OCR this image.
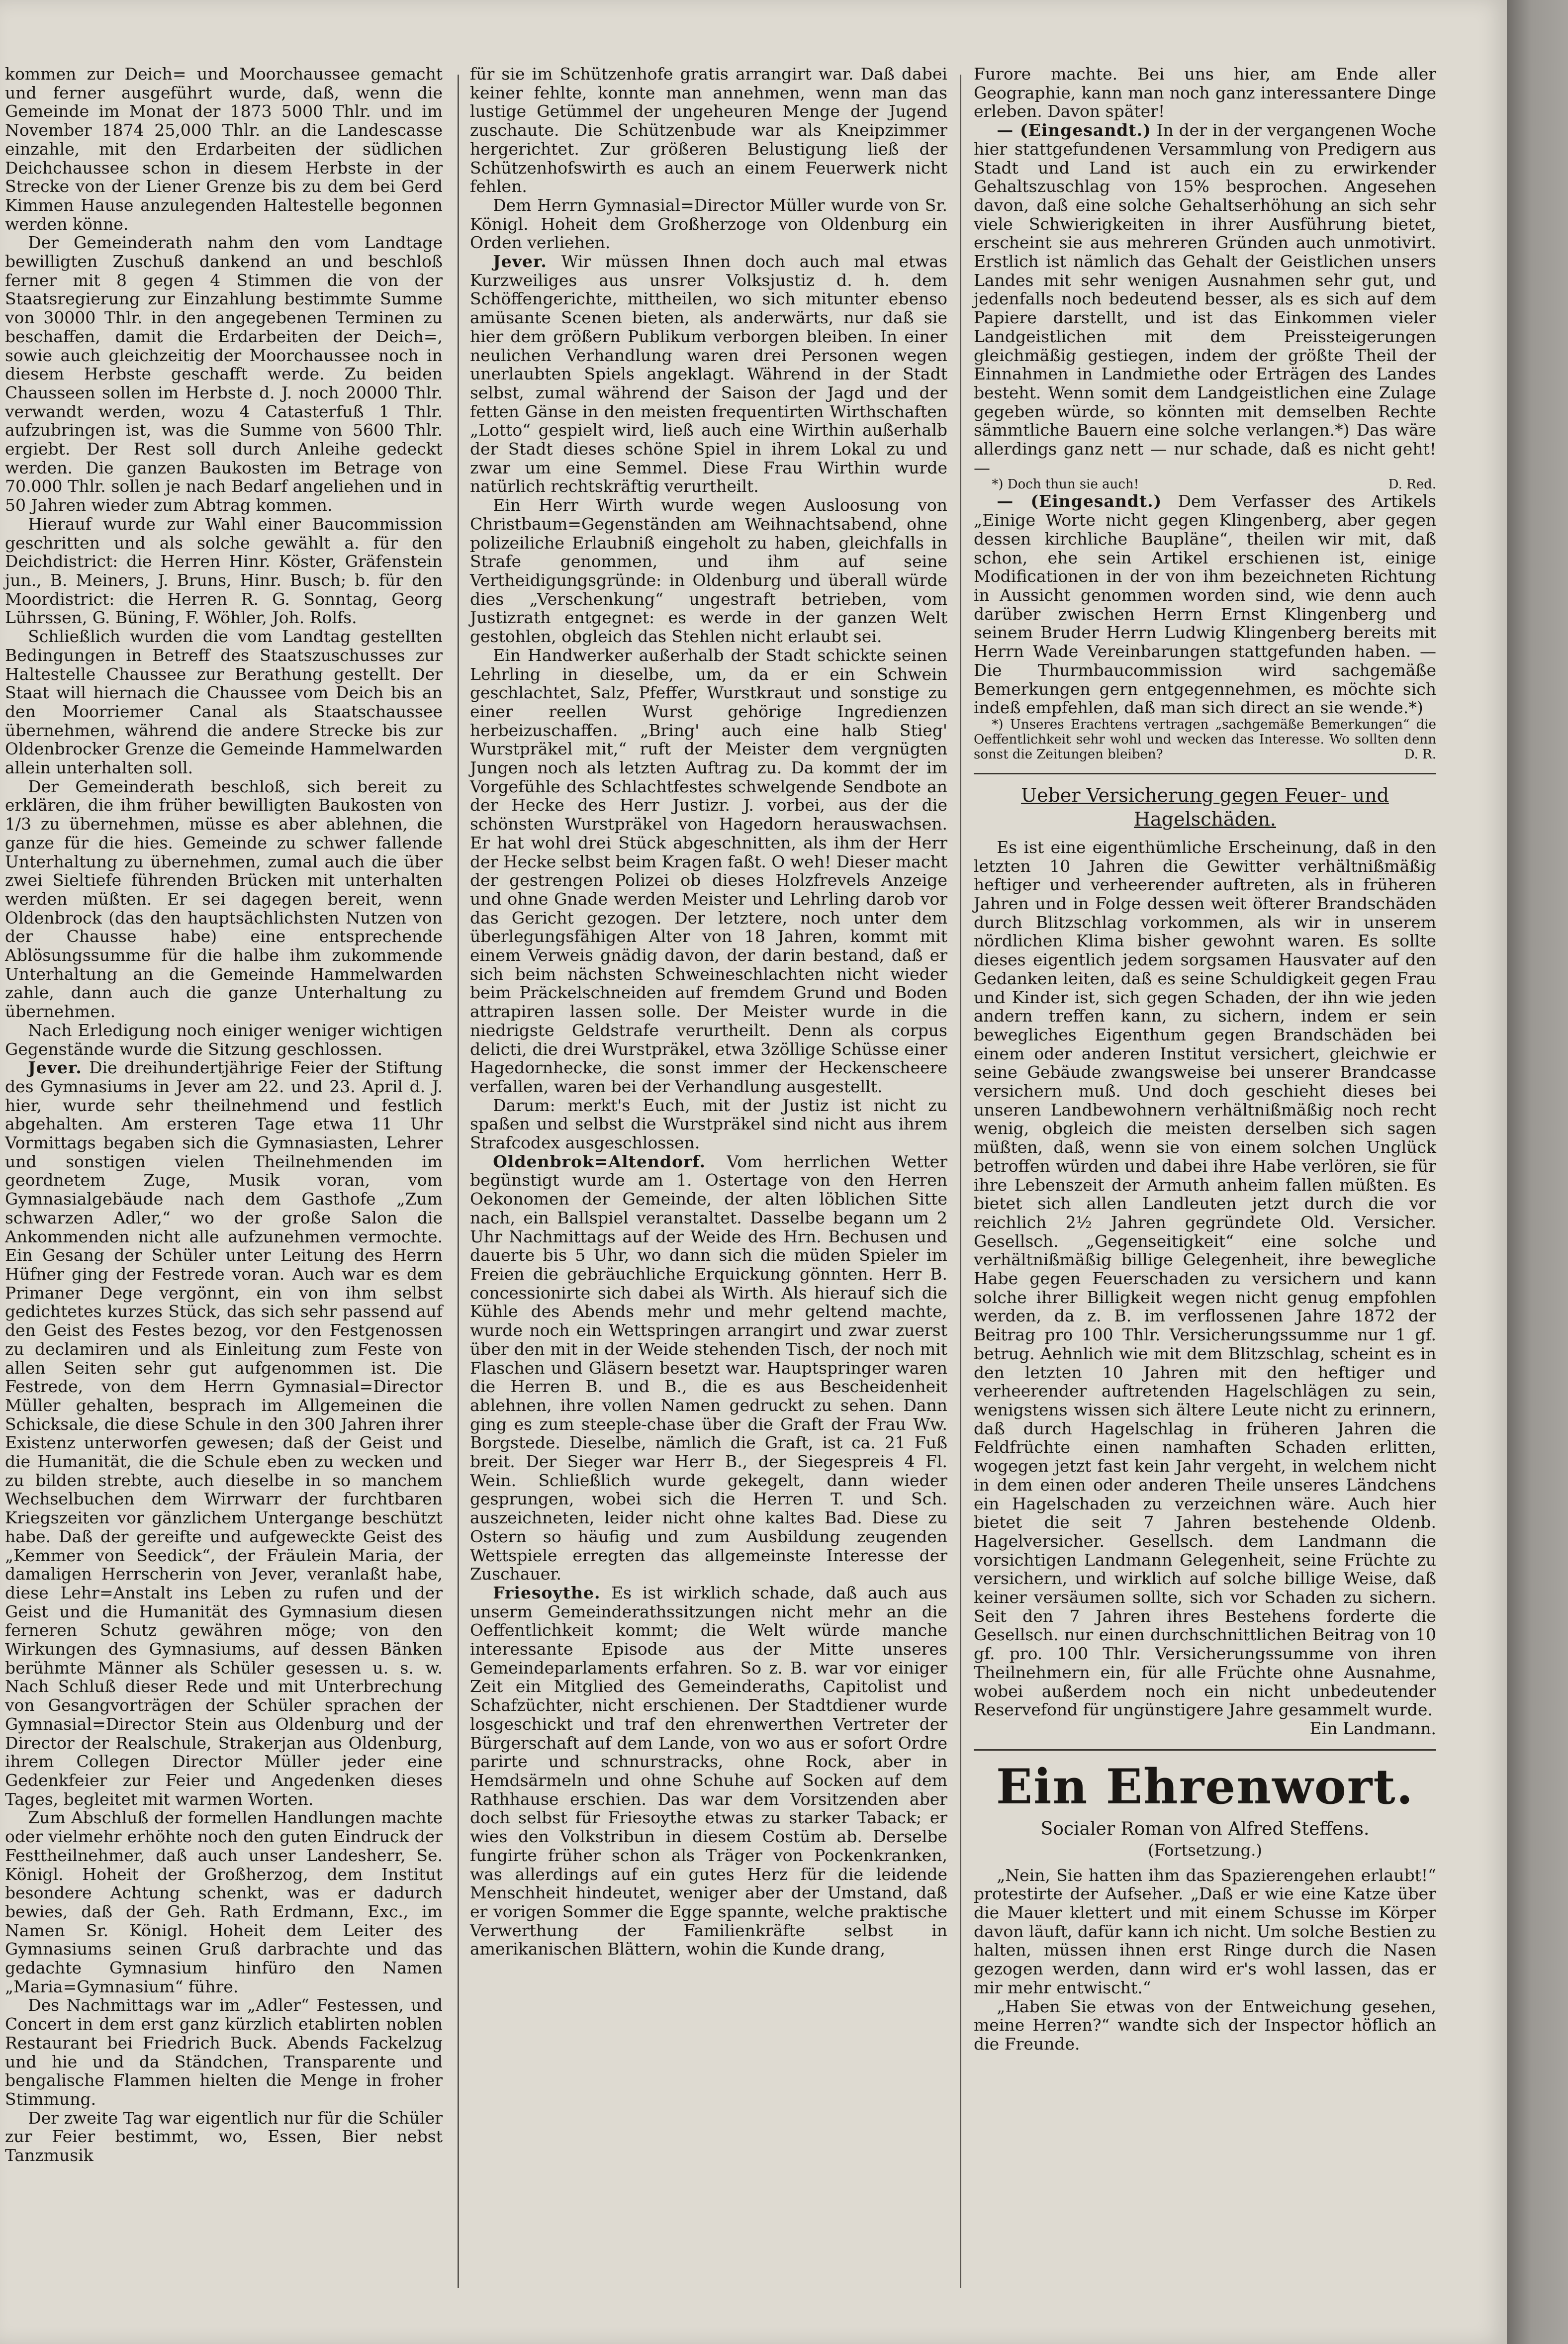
kommen zur Deich= und Moorchaussee gemacht und ferner ausgeführt wurde, daß, wenn die Gemeinde im Monat der 1873 5000 Thlr. und im November 1874 25,000 Thlr. an die Landescasse einzahle, mit den Erdarbeiten der südlichen Deichchaussee schon in diesem Herbste in der Strecke von der Liener Grenze bis zu dem bei Gerd Kimmen Hause anzulegenden Haltestelle begonnen werden könne.

Der Gemeinderath nahm den vom Landtage bewilligten Zuschuß dankend an und beschloß ferner mit 8 gegen 4 Stimmen die von der Staatsregierung zur Einzahlung bestimmte Summe von 30000 Thlr. in den angegebenen Terminen zu beschaffen, damit die Erdarbeiten der Deich=, sowie auch gleichzeitig der Moorchaussee noch in diesem Herbste geschafft werde. Zu beiden Chausseen sollen im Herbste d. J. noch 20000 Thlr. verwandt werden, wozu 4 Catasterfuß 1 Thlr. aufzubringen ist, was die Summe von 5600 Thlr. ergiebt. Der Rest soll durch Anleihe gedeckt werden. Die ganzen Baukosten im Betrage von 70.000 Thlr. sollen je nach Bedarf angeliehen und in 50 Jahren wieder zum Abtrag kommen.

Hierauf wurde zur Wahl einer Baucommission geschritten und als solche gewählt a. für den Deichdistrict: die Herren Hinr. Köster, Gräfenstein jun., B. Meiners, J. Bruns, Hinr. Busch; b. für den Moordistrict: die Herren R. G. Sonntag, Georg Lührssen, G. Büning, F. Wöhler, Joh. Rolfs.

Schließlich wurden die vom Landtag gestellten Bedingungen in Betreff des Staatszuschusses zur Haltestelle Chaussee zur Berathung gestellt. Der Staat will hiernach die Chaussee vom Deich bis an den Moorriemer Canal als Staatschaussee übernehmen, während die andere Strecke bis zur Oldenbrocker Grenze die Gemeinde Hammelwarden allein unterhalten soll.

Der Gemeinderath beschloß, sich bereit zu erklären, die ihm früher bewilligten Baukosten von 1/3 zu übernehmen, müsse es aber ablehnen, die ganze für die hies. Gemeinde zu schwer fallende Unterhaltung zu übernehmen, zumal auch die über zwei Sieltiefe führenden Brücken mit unterhalten werden müßten. Er sei dagegen bereit, wenn Oldenbrock (das den hauptsächlichsten Nutzen von der Chausse habe) eine entsprechende Ablösungssumme für die halbe ihm zukommende Unterhaltung an die Gemeinde Hammelwarden zahle, dann auch die ganze Unterhaltung zu übernehmen.

Nach Erledigung noch einiger weniger wichtigen Gegenstände wurde die Sitzung geschlossen.

Jever. Die dreihundertjährige Feier der Stiftung des Gymnasiums in Jever am 22. und 23. April d. J. hier, wurde sehr theilnehmend und festlich abgehalten. Am ersteren Tage etwa 11 Uhr Vormittags begaben sich die Gymnasiasten, Lehrer und sonstigen vielen Theilnehmenden im geordnetem Zuge, Musik voran, vom Gymnasialgebäude nach dem Gasthofe „Zum schwarzen Adler,“ wo der große Salon die Ankommenden nicht alle aufzunehmen vermochte. Ein Gesang der Schüler unter Leitung des Herrn Hüfner ging der Festrede voran. Auch war es dem Primaner Dege vergönnt, ein von ihm selbst gedichtetes kurzes Stück, das sich sehr passend auf den Geist des Festes bezog, vor den Festgenossen zu declamiren und als Einleitung zum Feste von allen Seiten sehr gut aufgenommen ist. Die Festrede, von dem Herrn Gymnasial=Director Müller gehalten, besprach im Allgemeinen die Schicksale, die diese Schule in den 300 Jahren ihrer Existenz unterworfen gewesen; daß der Geist und die Humanität, die die Schule eben zu wecken und zu bilden strebte, auch dieselbe in so manchem Wechselbuchen dem Wirrwarr der furchtbaren Kriegszeiten vor gänzlichem Untergange beschützt habe. Daß der gereifte und aufgeweckte Geist des „Kemmer von Seedick“, der Fräulein Maria, der damaligen Herrscherin von Jever, veranlaßt habe, diese Lehr=Anstalt ins Leben zu rufen und der Geist und die Humanität des Gymnasium diesen ferneren Schutz gewähren möge; von den Wirkungen des Gymnasiums, auf dessen Bänken berühmte Männer als Schüler gesessen u. s. w. Nach Schluß dieser Rede und mit Unterbrechung von Gesangvorträgen der Schüler sprachen der Gymnasial=Director Stein aus Oldenburg und der Director der Realschule, Strakerjan aus Oldenburg, ihrem Collegen Director Müller jeder eine Gedenkfeier zur Feier und Angedenken dieses Tages, begleitet mit warmen Worten.

Zum Abschluß der formellen Handlungen machte oder vielmehr erhöhte noch den guten Eindruck der Festtheilnehmer, daß auch unser Landesherr, Se. Königl. Hoheit der Großherzog, dem Institut besondere Achtung schenkt, was er dadurch bewies, daß der Geh. Rath Erdmann, Exc., im Namen Sr. Königl. Hoheit dem Leiter des Gymnasiums seinen Gruß darbrachte und das gedachte Gymnasium hinfüro den Namen „Maria=Gymnasium“ führe.

Des Nachmittags war im „Adler“ Festessen, und Concert in dem erst ganz kürzlich etablirten noblen Restaurant bei Friedrich Buck. Abends Fackelzug und hie und da Ständchen, Transparente und bengalische Flammen hielten die Menge in froher Stimmung.

Der zweite Tag war eigentlich nur für die Schüler zur Feier bestimmt, wo, Essen, Bier nebst Tanzmusik

für sie im Schützenhofe gratis arrangirt war. Daß dabei keiner fehlte, konnte man annehmen, wenn man das lustige Getümmel der ungeheuren Menge der Jugend zuschaute. Die Schützenbude war als Kneipzimmer hergerichtet. Zur größeren Belustigung ließ der Schützenhofswirth es auch an einem Feuerwerk nicht fehlen.

Dem Herrn Gymnasial=Director Müller wurde von Sr. Königl. Hoheit dem Großherzoge von Oldenburg ein Orden verliehen.

Jever. Wir müssen Ihnen doch auch mal etwas Kurzweiliges aus unsrer Volksjustiz d. h. dem Schöffengerichte, mittheilen, wo sich mitunter ebenso amüsante Scenen bieten, als anderwärts, nur daß sie hier dem größern Publikum verborgen bleiben. In einer neulichen Verhandlung waren drei Personen wegen unerlaubten Spiels angeklagt. Während in der Stadt selbst, zumal während der Saison der Jagd und der fetten Gänse in den meisten frequentirten Wirthschaften „Lotto“ gespielt wird, ließ auch eine Wirthin außerhalb der Stadt dieses schöne Spiel in ihrem Lokal zu und zwar um eine Semmel. Diese Frau Wirthin wurde natürlich rechtskräftig verurtheilt.

Ein Herr Wirth wurde wegen Ausloosung von Christbaum=Gegenständen am Weihnachtsabend, ohne polizeiliche Erlaubniß eingeholt zu haben, gleichfalls in Strafe genommen, und ihm auf seine Vertheidigungsgründe: in Oldenburg und überall würde dies „Verschenkung“ ungestraft betrieben, vom Justizrath entgegnet: es werde in der ganzen Welt gestohlen, obgleich das Stehlen nicht erlaubt sei.

Ein Handwerker außerhalb der Stadt schickte seinen Lehrling in dieselbe, um, da er ein Schwein geschlachtet, Salz, Pfeffer, Wurstkraut und sonstige zu einer reellen Wurst gehörige Ingredienzen herbeizuschaffen. „Bring' auch eine halb Stieg' Wurstpräkel mit,“ ruft der Meister dem vergnügten Jungen noch als letzten Auftrag zu. Da kommt der im Vorgefühle des Schlachtfestes schwelgende Sendbote an der Hecke des Herr Justizr. J. vorbei, aus der die schönsten Wurstpräkel von Hagedorn herauswachsen. Er hat wohl drei Stück abgeschnitten, als ihm der Herr der Hecke selbst beim Kragen faßt. O weh! Dieser macht der gestrengen Polizei ob dieses Holzfrevels Anzeige und ohne Gnade werden Meister und Lehrling darob vor das Gericht gezogen. Der letztere, noch unter dem überlegungsfähigen Alter von 18 Jahren, kommt mit einem Verweis gnädig davon, der darin bestand, daß er sich beim nächsten Schweineschlachten nicht wieder beim Präckelschneiden auf fremdem Grund und Boden attrapiren lassen solle. Der Meister wurde in die niedrigste Geldstrafe verurtheilt. Denn als corpus delicti, die drei Wurstpräkel, etwa 3zöllige Schüsse einer Hagedornhecke, die sonst immer der Heckenscheere verfallen, waren bei der Verhandlung ausgestellt.

Darum: merkt's Euch, mit der Justiz ist nicht zu spaßen und selbst die Wurstpräkel sind nicht aus ihrem Strafcodex ausgeschlossen.

Oldenbrok=Altendorf. Vom herrlichen Wetter begünstigt wurde am 1. Ostertage von den Herren Oekonomen der Gemeinde, der alten löblichen Sitte nach, ein Ballspiel veranstaltet. Dasselbe begann um 2 Uhr Nachmittags auf der Weide des Hrn. Bechusen und dauerte bis 5 Uhr, wo dann sich die müden Spieler im Freien die gebräuchliche Erquickung gönnten. Herr B. concessionirte sich dabei als Wirth. Als hierauf sich die Kühle des Abends mehr und mehr geltend machte, wurde noch ein Wettspringen arrangirt und zwar zuerst über den mit in der Weide stehenden Tisch, der noch mit Flaschen und Gläsern besetzt war. Hauptspringer waren die Herren B. und B., die es aus Bescheidenheit ablehnen, ihre vollen Namen gedruckt zu sehen. Dann ging es zum steeple-chase über die Graft der Frau Ww. Borgstede. Dieselbe, nämlich die Graft, ist ca. 21 Fuß breit. Der Sieger war Herr B., der Siegespreis 4 Fl. Wein. Schließlich wurde gekegelt, dann wieder gesprungen, wobei sich die Herren T. und Sch. auszeichneten, leider nicht ohne kaltes Bad. Diese zu Ostern so häufig und zum Ausbildung zeugenden Wettspiele erregten das allgemeinste Interesse der Zuschauer.

Friesoythe. Es ist wirklich schade, daß auch aus unserm Gemeinderathssitzungen nicht mehr an die Oeffentlichkeit kommt; die Welt würde manche interessante Episode aus der Mitte unseres Gemeindeparlaments erfahren. So z. B. war vor einiger Zeit ein Mitglied des Gemeinderaths, Capitolist und Schafzüchter, nicht erschienen. Der Stadtdiener wurde losgeschickt und traf den ehrenwerthen Vertreter der Bürgerschaft auf dem Lande, von wo aus er sofort Ordre parirte und schnurstracks, ohne Rock, aber in Hemdsärmeln und ohne Schuhe auf Socken auf dem Rathhause erschien. Das war dem Vorsitzenden aber doch selbst für Friesoythe etwas zu starker Taback; er wies den Volkstribun in diesem Costüm ab. Derselbe fungirte früher schon als Träger von Pockenkranken, was allerdings auf ein gutes Herz für die leidende Menschheit hindeutet, weniger aber der Umstand, daß er vorigen Sommer die Egge spannte, welche praktische Verwerthung der Familienkräfte selbst in amerikanischen Blättern, wohin die Kunde drang,

Furore machte. Bei uns hier, am Ende aller Geographie, kann man noch ganz interessantere Dinge erleben. Davon später!

— (Eingesandt.) In der in der vergangenen Woche hier stattgefundenen Versammlung von Predigern aus Stadt und Land ist auch ein zu erwirkender Gehaltszuschlag von 15% besprochen. Angesehen davon, daß eine solche Gehaltserhöhung an sich sehr viele Schwierigkeiten in ihrer Ausführung bietet, erscheint sie aus mehreren Gründen auch unmotivirt. Erstlich ist nämlich das Gehalt der Geistlichen unsers Landes mit sehr wenigen Ausnahmen sehr gut, und jedenfalls noch bedeutend besser, als es sich auf dem Papiere darstellt, und ist das Einkommen vieler Landgeistlichen mit dem Preissteigerungen gleichmäßig gestiegen, indem der größte Theil der Einnahmen in Landmiethe oder Erträgen des Landes besteht. Wenn somit dem Landgeistlichen eine Zulage gegeben würde, so könnten mit demselben Rechte sämmtliche Bauern eine solche verlangen.*) Das wäre allerdings ganz nett — nur schade, daß es nicht geht! —

*) Doch thun sie auch!	D. Red.

— (Eingesandt.) Dem Verfasser des Artikels „Einige Worte nicht gegen Klingenberg, aber gegen dessen kirchliche Baupläne“, theilen wir mit, daß schon, ehe sein Artikel erschienen ist, einige Modificationen in der von ihm bezeichneten Richtung in Aussicht genommen worden sind, wie denn auch darüber zwischen Herrn Ernst Klingenberg und seinem Bruder Herrn Ludwig Klingenberg bereits mit Herrn Wade Vereinbarungen stattgefunden haben. — Die Thurmbaucommission wird sachgemäße Bemerkungen gern entgegennehmen, es möchte sich indeß empfehlen, daß man sich direct an sie wende.*)

*) Unseres Erachtens vertragen „sachgemäße Bemerkungen“ die Oeffentlichkeit sehr wohl und wecken das Interesse. Wo sollten denn sonst die Zeitungen bleiben?	D. R.

Ueber Versicherung gegen Feuer- und Hagelschäden.

Es ist eine eigenthümliche Erscheinung, daß in den letzten 10 Jahren die Gewitter verhältnißmäßig heftiger und verheerender auftreten, als in früheren Jahren und in Folge dessen weit öfterer Brandschäden durch Blitzschlag vorkommen, als wir in unserem nördlichen Klima bisher gewohnt waren. Es sollte dieses eigentlich jedem sorgsamen Hausvater auf den Gedanken leiten, daß es seine Schuldigkeit gegen Frau und Kinder ist, sich gegen Schaden, der ihn wie jeden andern treffen kann, zu sichern, indem er sein bewegliches Eigenthum gegen Brandschäden bei einem oder anderen Institut versichert, gleichwie er seine Gebäude zwangsweise bei unserer Brandcasse versichern muß. Und doch geschieht dieses bei unseren Landbewohnern verhältnißmäßig noch recht wenig, obgleich die meisten derselben sich sagen müßten, daß, wenn sie von einem solchen Unglück betroffen würden und dabei ihre Habe verlören, sie für ihre Lebenszeit der Armuth anheim fallen müßten. Es bietet sich allen Landleuten jetzt durch die vor reichlich 2½ Jahren gegründete Old. Versicher. Gesellsch. „Gegenseitigkeit“ eine solche und verhältnißmäßig billige Gelegenheit, ihre bewegliche Habe gegen Feuerschaden zu versichern und kann solche ihrer Billigkeit wegen nicht genug empfohlen werden, da z. B. im verflossenen Jahre 1872 der Beitrag pro 100 Thlr. Versicherungssumme nur 1 gf. betrug. Aehnlich wie mit dem Blitzschlag, scheint es in den letzten 10 Jahren mit den heftiger und verheerender auftretenden Hagelschlägen zu sein, wenigstens wissen sich ältere Leute nicht zu erinnern, daß durch Hagelschlag in früheren Jahren die Feldfrüchte einen namhaften Schaden erlitten, wogegen jetzt fast kein Jahr vergeht, in welchem nicht in dem einen oder anderen Theile unseres Ländchens ein Hagelschaden zu verzeichnen wäre. Auch hier bietet die seit 7 Jahren bestehende Oldenb. Hagelversicher. Gesellsch. dem Landmann die vorsichtigen Landmann Gelegenheit, seine Früchte zu versichern, und wirklich auf solche billige Weise, daß keiner versäumen sollte, sich vor Schaden zu sichern. Seit den 7 Jahren ihres Bestehens forderte die Gesellsch. nur einen durchschnittlichen Beitrag von 10 gf. pro. 100 Thlr. Versicherungssumme von ihren Theilnehmern ein, für alle Früchte ohne Ausnahme, wobei außerdem noch ein nicht unbedeutender Reservefond für ungünstigere Jahre gesammelt wurde.

Ein Landmann.

Ein Ehrenwort.
Socialer Roman von Alfred Steffens.
(Fortsetzung.)

„Nein, Sie hatten ihm das Spazierengehen erlaubt!“ protestirte der Aufseher. „Daß er wie eine Katze über die Mauer klettert und mit einem Schusse im Körper davon läuft, dafür kann ich nicht. Um solche Bestien zu halten, müssen ihnen erst Ringe durch die Nasen gezogen werden, dann wird er's wohl lassen, das er mir mehr entwischt.“

„Haben Sie etwas von der Entweichung gesehen, meine Herren?“ wandte sich der Inspector höflich an die Freunde.
